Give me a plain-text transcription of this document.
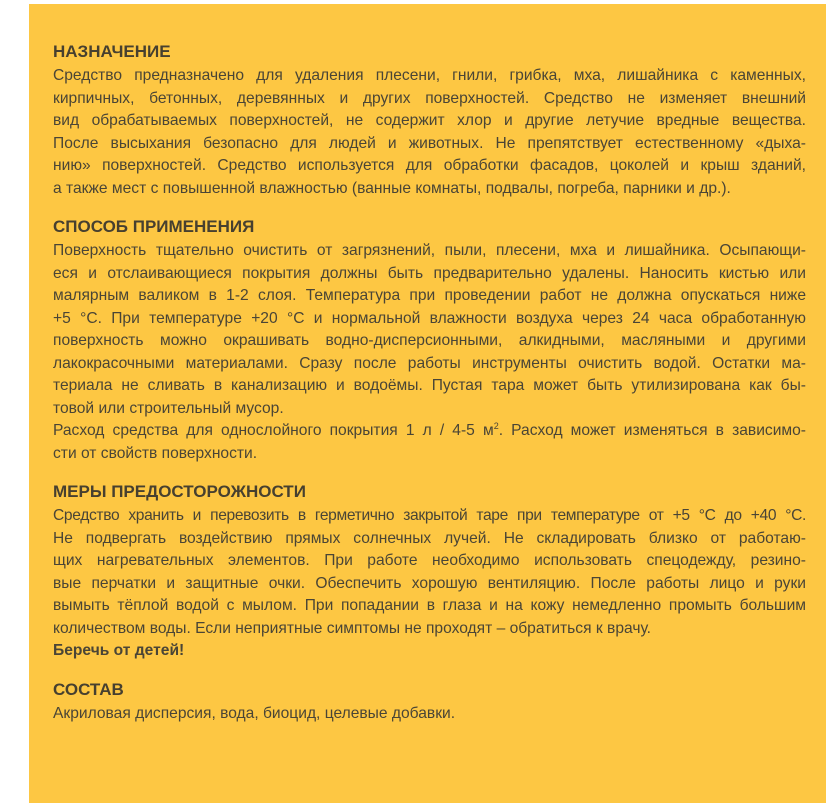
НАЗНАЧЕНИЕ
Средство предназначено для удаления плесени, гнили, грибка, мха, лишайника с каменных,
кирпичных, бетонных, деревянных и других поверхностей. Средство не изменяет внешний
вид обрабатываемых поверхностей, не содержит хлор и другие летучие вредные вещества.
После высыхания безопасно для людей и животных. Не препятствует естественному «дыха-
нию» поверхностей. Средство используется для обработки фасадов, цоколей и крыш зданий,
а также мест с повышенной влажностью (ванные комнаты, подвалы, погреба, парники и др.).
СПОСОБ ПРИМЕНЕНИЯ
Поверхность тщательно очистить от загрязнений, пыли, плесени, мха и лишайника. Осыпающи-
еся и отслаивающиеся покрытия должны быть предварительно удалены. Наносить кистью или
малярным валиком в 1-2 слоя. Температура при проведении работ не должна опускаться ниже
+5 °С. При температуре +20 °С и нормальной влажности воздуха через 24 часа обработанную
поверхность можно окрашивать водно-дисперсионными, алкидными, масляными и другими
лакокрасочными материалами. Сразу после работы инструменты очистить водой. Остатки ма-
териала не сливать в канализацию и водоёмы. Пустая тара может быть утилизирована как бы-
товой или строительный мусор.
Расход средства для однослойного покрытия 1 л / 4-5 $м^2$. Расход может изменяться в зависимо-
сти от свойств поверхности.
МЕРЫ ПРЕДОСТОРОЖНОСТИ
Средство хранить и перевозить в герметично закрытой таре при температуре от +5 °С до +40 °С.
Не подвергать воздействию прямых солнечных лучей. Не складировать близко от работаю-
щих нагревательных элементов. При работе необходимо использовать спецодежду, резино-
вые перчатки и защитные очки. Обеспечить хорошую вентиляцию. После работы лицо и руки
вымыть тёплой водой с мылом. При попадании в глаза и на кожу немедленно промыть большим
количеством воды. Если неприятные симптомы не проходят – обратиться к врачу.
Беречь от детей!
СОСТАВ
Акриловая дисперсия, вода, биоцид, целевые добавки.
